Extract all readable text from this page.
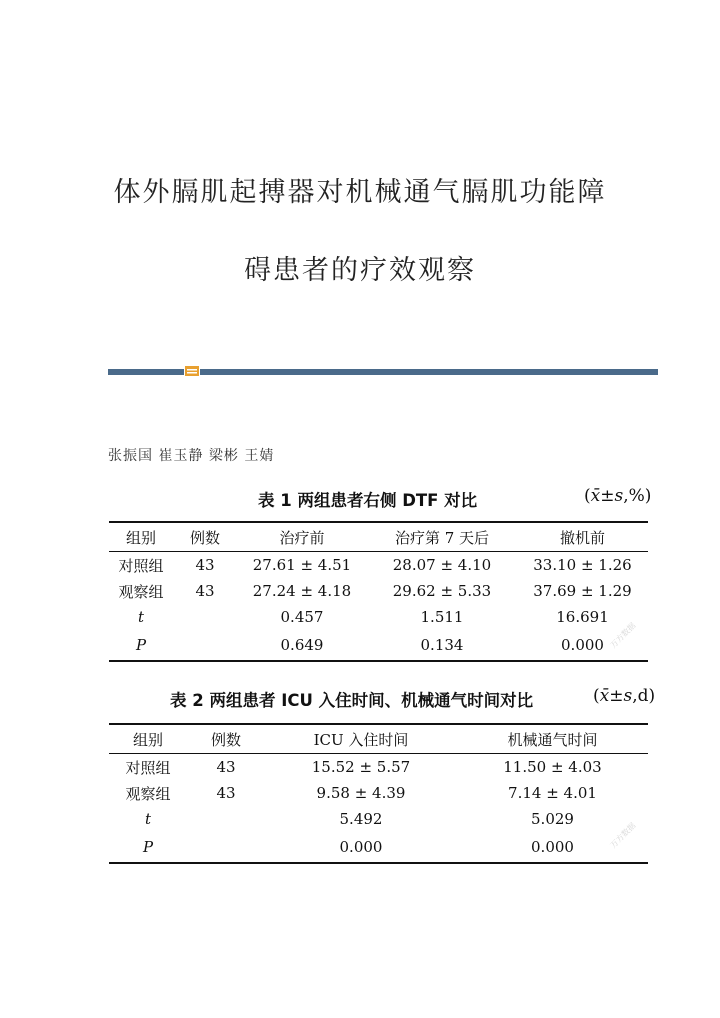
体外膈肌起搏器对机械通气膈肌功能障
碍患者的疗效观察
张振国 崔玉静 梁彬 王婧
表 1 两组患者右侧 DTF 对比	(x̄±s,%)
组别	例数	治疗前	治疗第 7 天后	撤机前
对照组	43	27.61 ± 4.51	28.07 ± 4.10	33.10 ± 1.26
观察组	43	27.24 ± 4.18	29.62 ± 5.33	37.69 ± 1.29
t		0.457	1.511	16.691
P		0.649	0.134	0.000 万方数据
表 2 两组患者 ICU 入住时间、机械通气时间对比	(x̄±s,d)
组别	例数	ICU 入住时间	机械通气时间
对照组	43	15.52 ± 5.57	11.50 ± 4.03
观察组	43	9.58 ± 4.39	7.14 ± 4.01
t		5.492	5.029
P		0.000	0.000	万方数据
